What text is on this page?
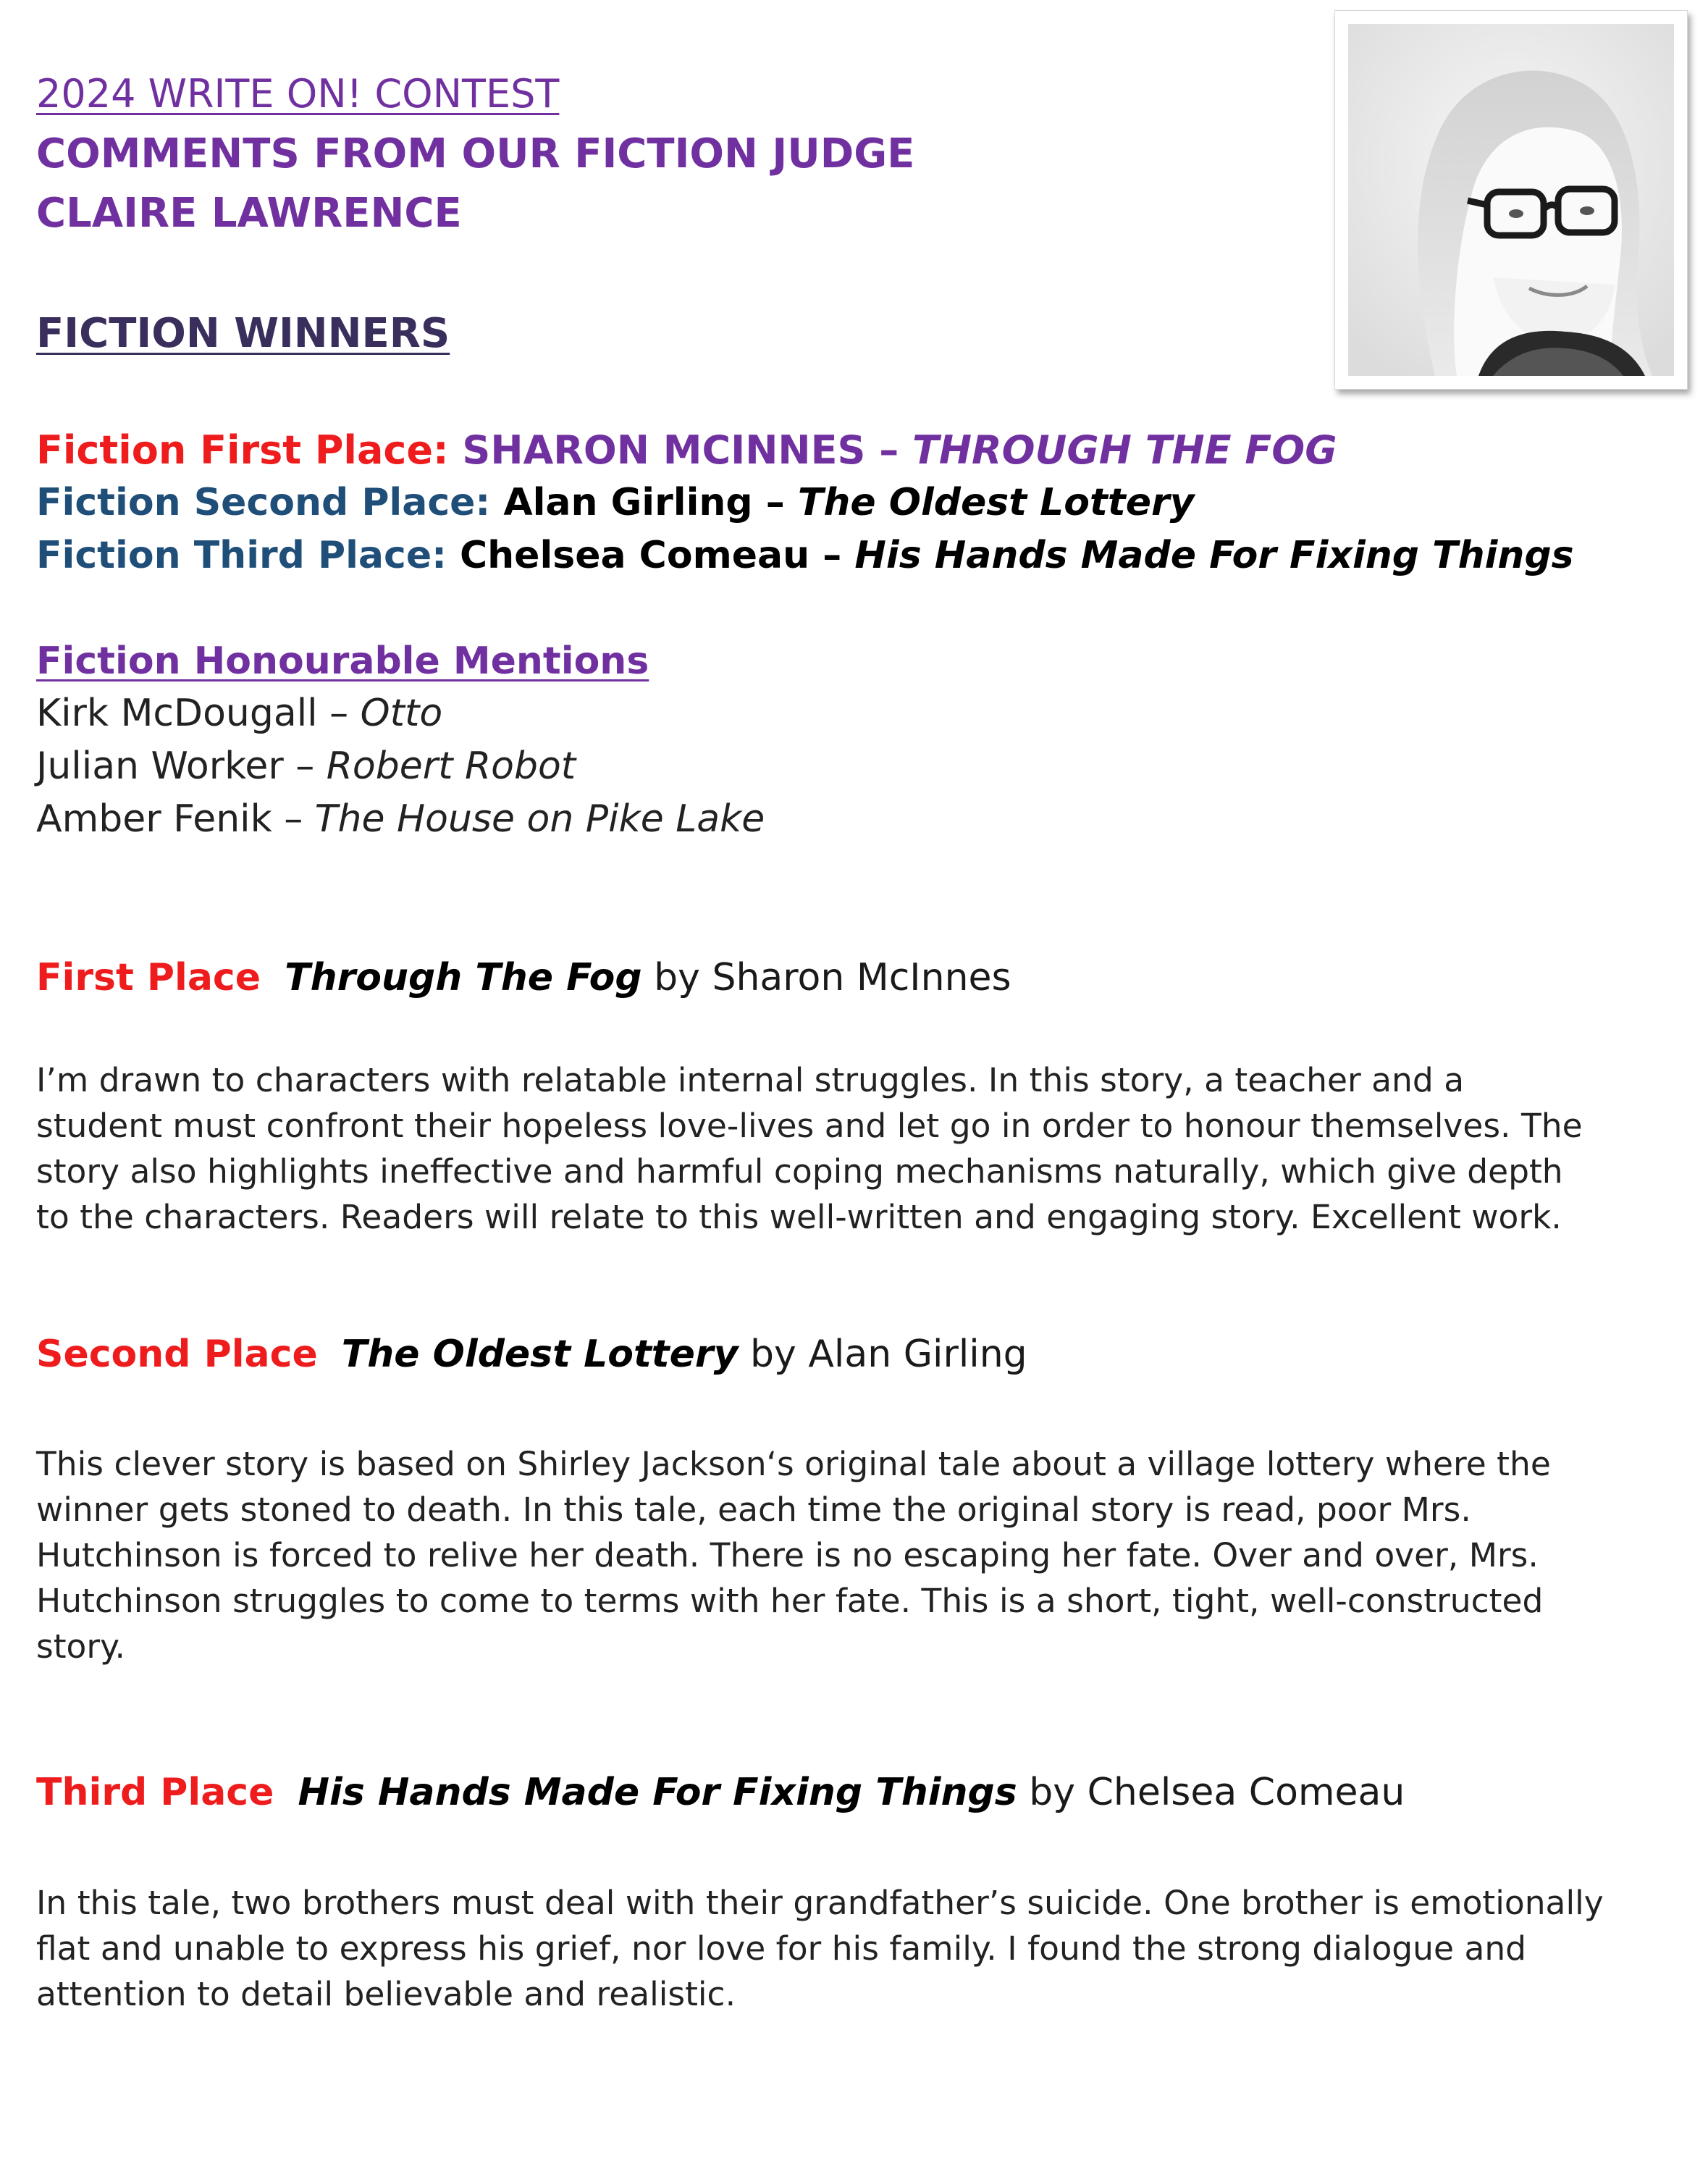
2024 WRITE ON! CONTEST
COMMENTS FROM OUR FICTION JUDGE
CLAIRE LAWRENCE
FICTION WINNERS
Fiction First Place: SHARON MCINNES – THROUGH THE FOG
Fiction Second Place: Alan Girling – The Oldest Lottery
Fiction Third Place: Chelsea Comeau – His Hands Made For Fixing Things
Fiction Honourable Mentions
Kirk McDougall – Otto
Julian Worker – Robert Robot
Amber Fenik – The House on Pike Lake
First Place Through The Fog by Sharon McInnes
I’m drawn to characters with relatable internal struggles. In this story, a teacher and a
student must confront their hopeless love-lives and let go in order to honour themselves. The
story also highlights ineffective and harmful coping mechanisms naturally, which give depth
to the characters. Readers will relate to this well-written and engaging story. Excellent work.
Second Place The Oldest Lottery by Alan Girling
This clever story is based on Shirley Jackson‘s original tale about a village lottery where the
winner gets stoned to death. In this tale, each time the original story is read, poor Mrs.
Hutchinson is forced to relive her death. There is no escaping her fate. Over and over, Mrs.
Hutchinson struggles to come to terms with her fate. This is a short, tight, well-constructed
story.
Third Place His Hands Made For Fixing Things by Chelsea Comeau
In this tale, two brothers must deal with their grandfather’s suicide. One brother is emotionally
flat and unable to express his grief, nor love for his family. I found the strong dialogue and
attention to detail believable and realistic.
